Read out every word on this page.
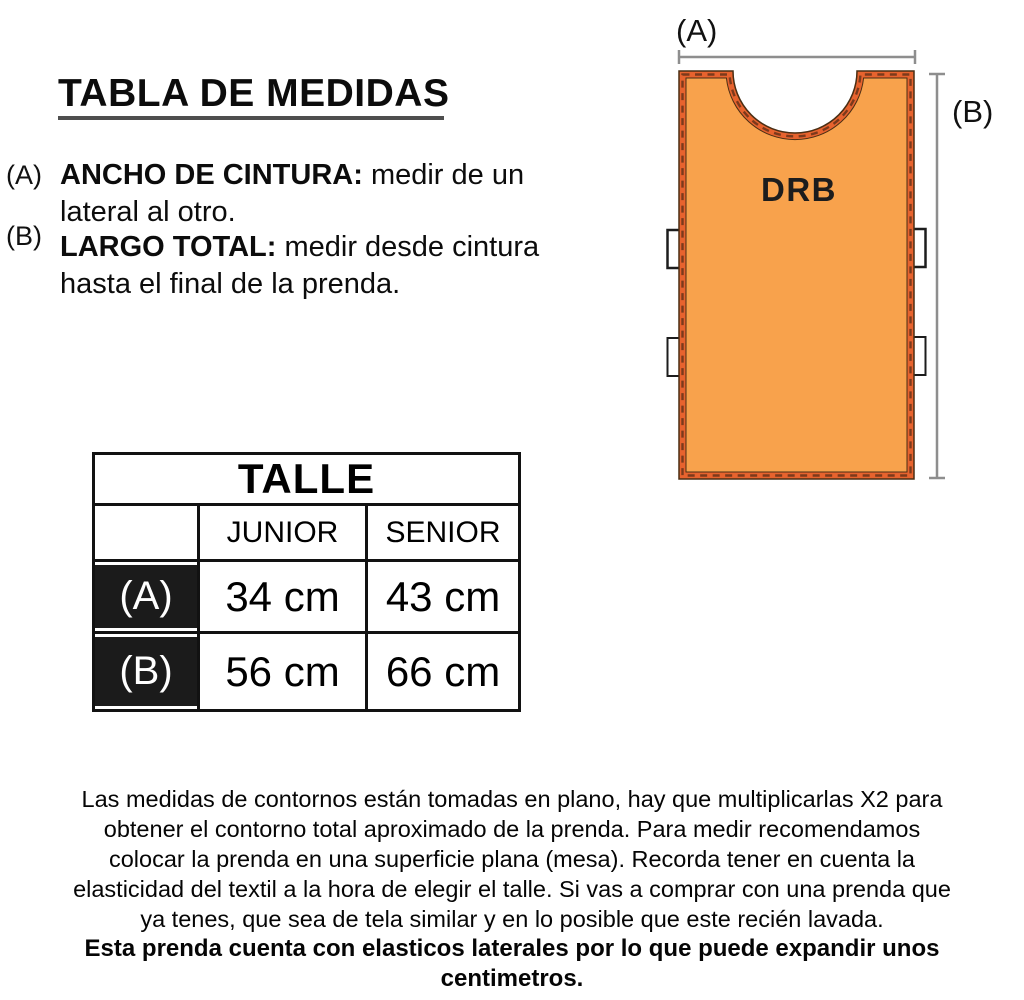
TABLA DE MEDIDAS
(A) ANCHO DE CINTURA: medir de un lateral al otro.
(B) LARGO TOTAL: medir desde cintura hasta el final de la prenda.
TALLE		
	JUNIOR	SENIOR
(A)	34 cm	43 cm
(B)	56 cm	66 cm
(A)
(B)
DRB
Las medidas de contornos están tomadas en plano, hay que multiplicarlas X2 para
obtener el contorno total aproximado de la prenda. Para medir recomendamos
colocar la prenda en una superficie plana (mesa). Recorda tener en cuenta la
elasticidad del textil a la hora de elegir el talle. Si vas a comprar con una prenda que
ya tenes, que sea de tela similar y en lo posible que este recién lavada.
Esta prenda cuenta con elasticos laterales por lo que puede expandir unos
centimetros.
